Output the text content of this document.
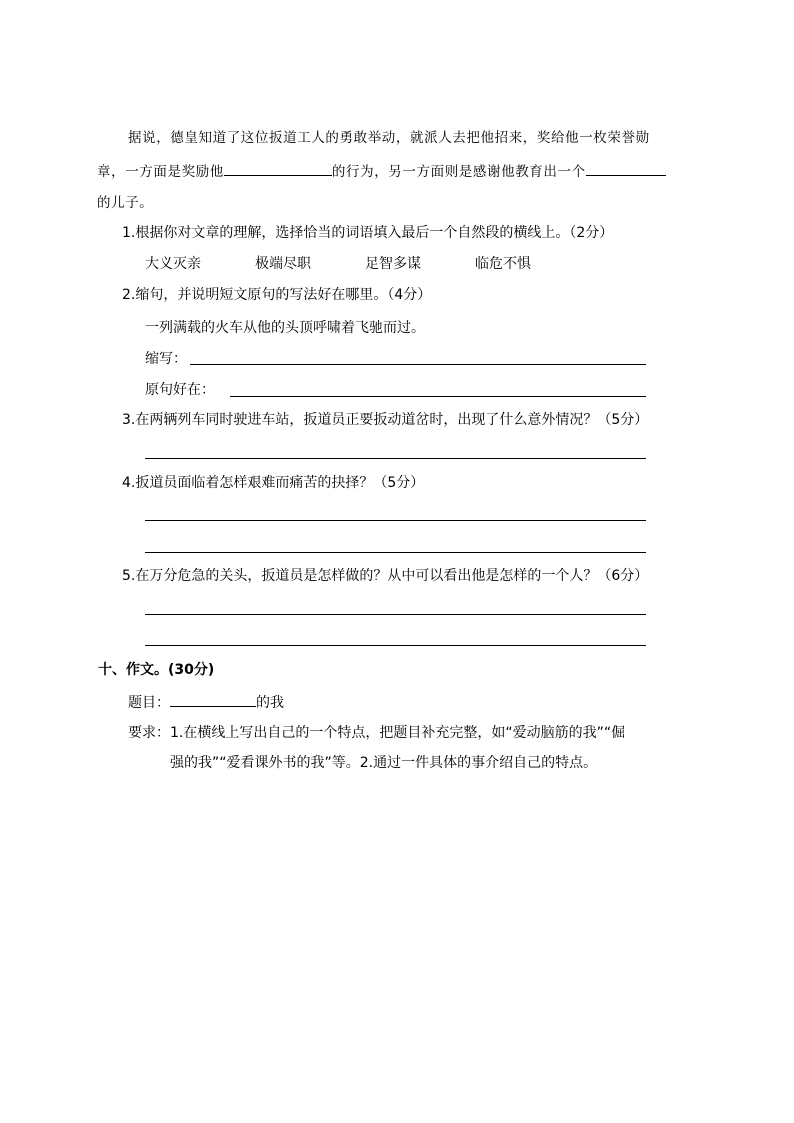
据说，德皇知道了这位扳道工人的勇敢举动，就派人去把他招来，奖给他一枚荣誉勋
章，一方面是奖励他	的行为，另一方面则是感谢他教育出一个
的儿子。
1.根据你对文章的理解，选择恰当的词语填入最后一个自然段的横线上。（2分）
大义灭亲	极端尽职	足智多谋	临危不惧
2.缩句，并说明短文原句的写法好在哪里。（4分）
一列满载的火车从他的头顶呼啸着飞驰而过。
缩写：
原句好在：
3.在两辆列车同时驶进车站，扳道员正要扳动道岔时，出现了什么意外情况？（5分）
4.扳道员面临着怎样艰难而痛苦的抉择？（5分）
5.在万分危急的关头，扳道员是怎样做的？从中可以看出他是怎样的一个人？（6分）
十、作文。(30分)
题目：	的我
要求：1.在横线上写出自己的一个特点，把题目补充完整，如“爱动脑筋的我”“倔
强的我”“爱看课外书的我”等。2.通过一件具体的事介绍自己的特点。
